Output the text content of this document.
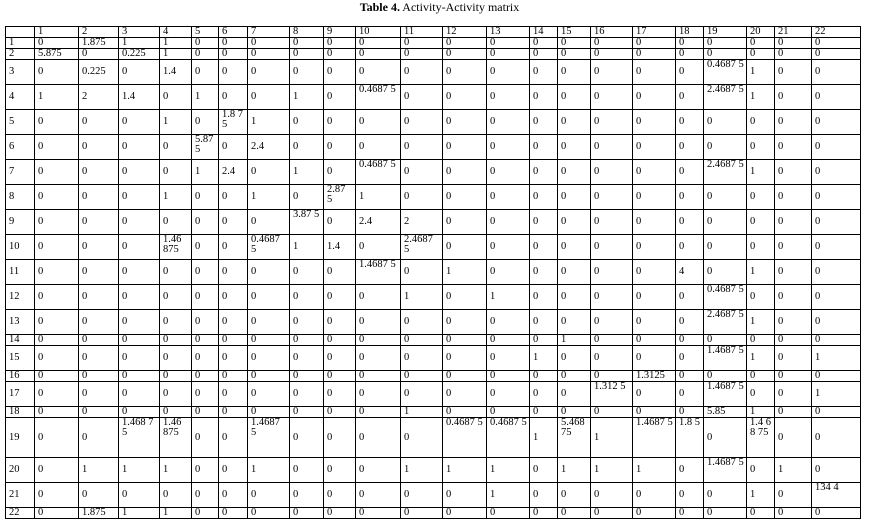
Table 4. Activity-Activity matrix
	1	2	3	4	5	6	7	8	9	10	11	12	13	14	15	16	17	18	19	20	21	22
1	0	1.875	1	1	0	0	0	0	0	0	0	0	0	0	0	0	0	0	0	0	0	0
2	5.875	0	0.225	1	0	0	0	0	0	0	0	0	0	0	0	0	0	0	0	0	0	0
3	0	0.225	0	1.4	0	0	0	0	0	0	0	0	0	0	0	0	0	0	0.4687 5	1	0	0
4	1	2	1.4	0	1	0	0	1	0	0.4687 5	0	0	0	0	0	0	0	0	2.4687 5	1	0	0
5	0	0	0	1	0	1.8 75	1	0	0	0	0	0	0	0	0	0	0	0	0	0	0	0
6	0	0	0	0	5.87 5	0	2.4	0	0	0	0	0	0	0	0	0	0	0	0	0	0	0
7	0	0	0	0	1	2.4	0	1	0	0.4687 5	0	0	0	0	0	0	0	0	2.4687 5	1	0	0
8	0	0	0	1	0	0	1	0	2.87 5	1	0	0	0	0	0	0	0	0	0	0	0	0
9	0	0	0	0	0	0	0	3.87 5	0	2.4	2	0	0	0	0	0	0	0	0	0	0	0
10	0	0	0	1.46 875	0	0	0.4687 5	1	1.4	0	2.4687 5	0	0	0	0	0	0	0	0	0	0	0
11	0	0	0	0	0	0	0	0	0	1.4687 5	0	1	0	0	0	0	0	4	0	1	0	0
12	0	0	0	0	0	0	0	0	0	0	1	0	1	0	0	0	0	0	0.4687 5	0	0	0
13	0	0	0	0	0	0	0	0	0	0	0	0	0	0	0	0	0	0	2.4687 5	1	0	0
14	0	0	0	0	0	0	0	0	0	0	0	0	0	0	1	0	0	0	0	0	0	0
15	0	0	0	0	0	0	0	0	0	0	0	0	0	1	0	0	0	0	1.4687 5	1	0	1
16	0	0	0	0	0	0	0	0	0	0	0	0	0	0	0	0	1.3125	0	0	0	0	0
17	0	0	0	0	0	0	0	0	0	0	0	0	0	0	0	1.312 5	0	0	1.4687 5	0	0	1
18	0	0	0	0	0	0	0	0	0	0	1	0	0	0	0	0	0	0	5.85	1	0	0
19	0	0	1.468 75	1.46 875	0	0	1.4687 5	0	0	0	0	0.4687 5	0.4687 5	1	5.468 75	1	1.4687 5	1.8 5	0	1.4 68 75	0	0
20	0	1	1	1	0	0	1	0	0	0	1	1	1	0	1	1	1	0	1.4687 5	0	1	0
21	0	0	0	0	0	0	0	0	0	0	0	0	1	0	0	0	0	0	0	1	0	134 4
22	0	1.875	1	1	0	0	0	0	0	0	0	0	0	0	0	0	0	0	0	0	0	0
